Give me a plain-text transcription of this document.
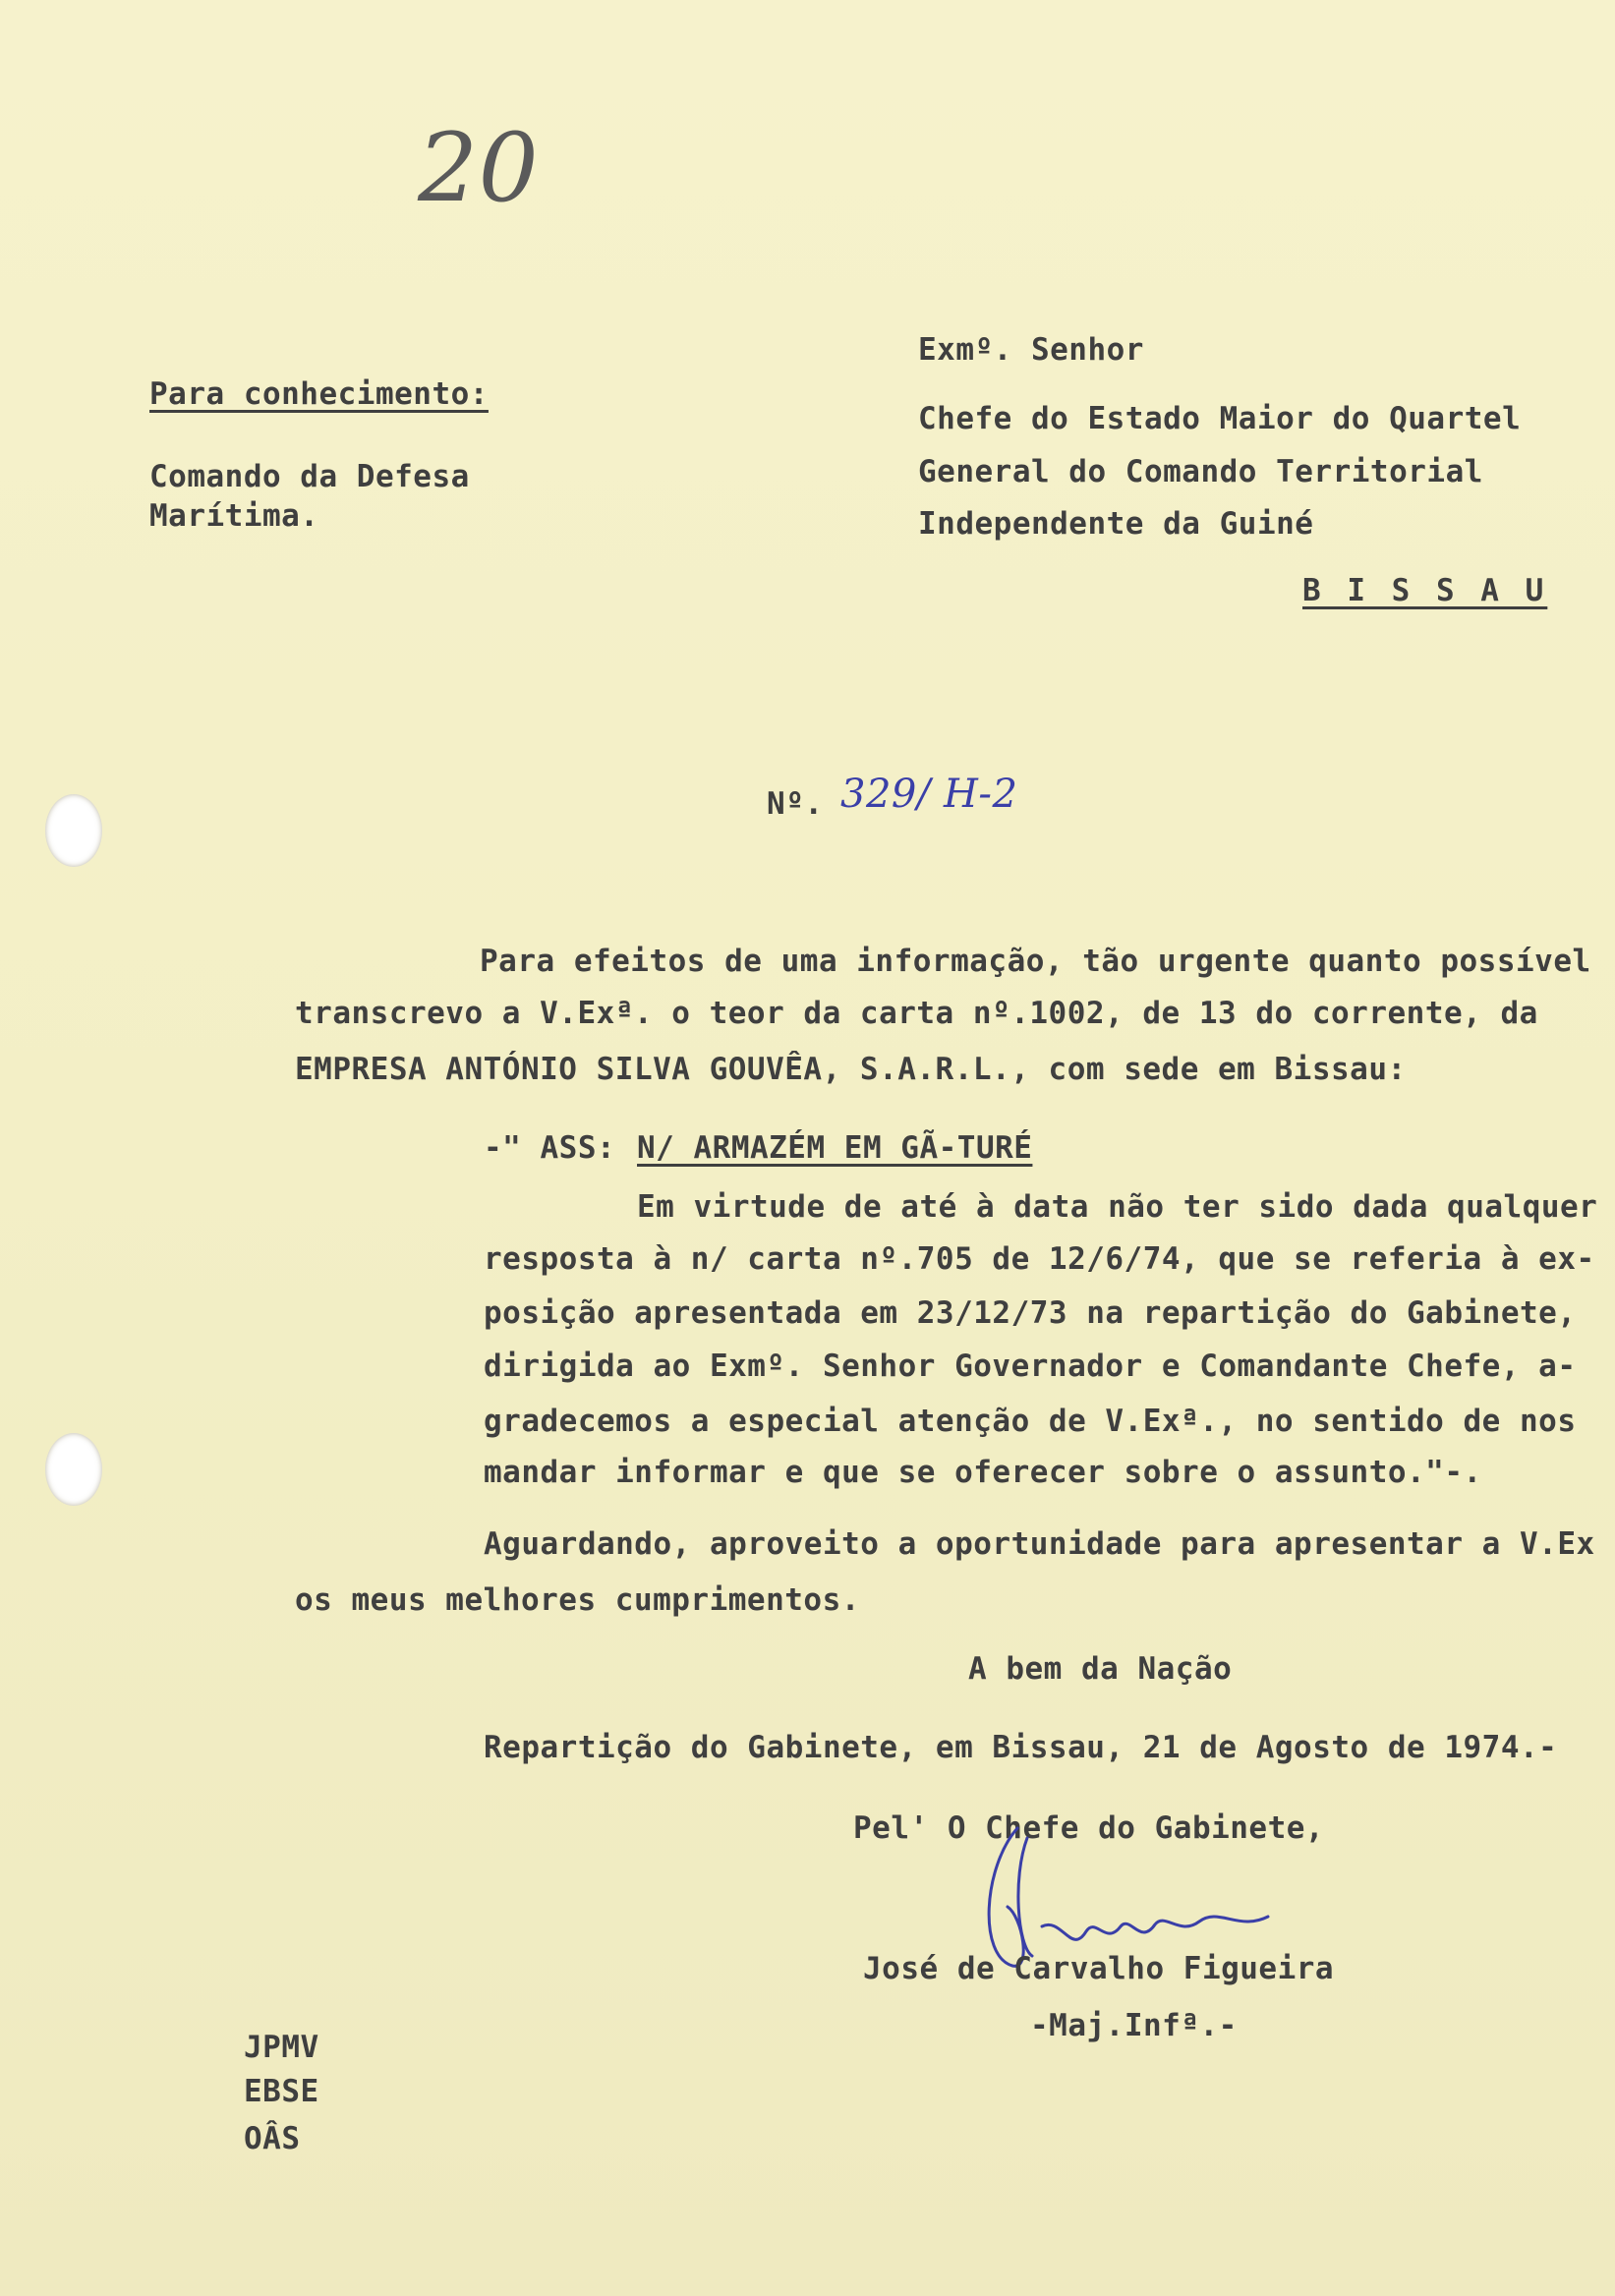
20
Exmº. Senhor
Chefe do Estado Maior do Quartel
General do Comando Territorial
Independente da Guiné
B I S S A U
Para conhecimento:
Comando da Defesa
Marítima.
Nº. 329/ H-2
Para efeitos de uma informação, tão urgente quanto possível
transcrevo a V.Exª. o teor da carta nº.1002, de 13 do corrente, da
EMPRESA ANTÓNIO SILVA GOUVÊA, S.A.R.L., com sede em Bissau:
-" ASS: N/ ARMAZÉM EM GÃ-TURÉ
Em virtude de até à data não ter sido dada qualquer
resposta à n/ carta nº.705 de 12/6/74, que se referia à ex-
posição apresentada em 23/12/73 na repartição do Gabinete,
dirigida ao Exmº. Senhor Governador e Comandante Chefe, a-
gradecemos a especial atenção de V.Exª., no sentido de nos
mandar informar e que se oferecer sobre o assunto."-.
Aguardando, aproveito a oportunidade para apresentar a V.Ex
os meus melhores cumprimentos.
A bem da Nação
Repartição do Gabinete, em Bissau, 21 de Agosto de 1974.-
Pel' O Chefe do Gabinete,
José de Carvalho Figueira
-Maj.Infª.-
JPMV
EBSE
OÂS
